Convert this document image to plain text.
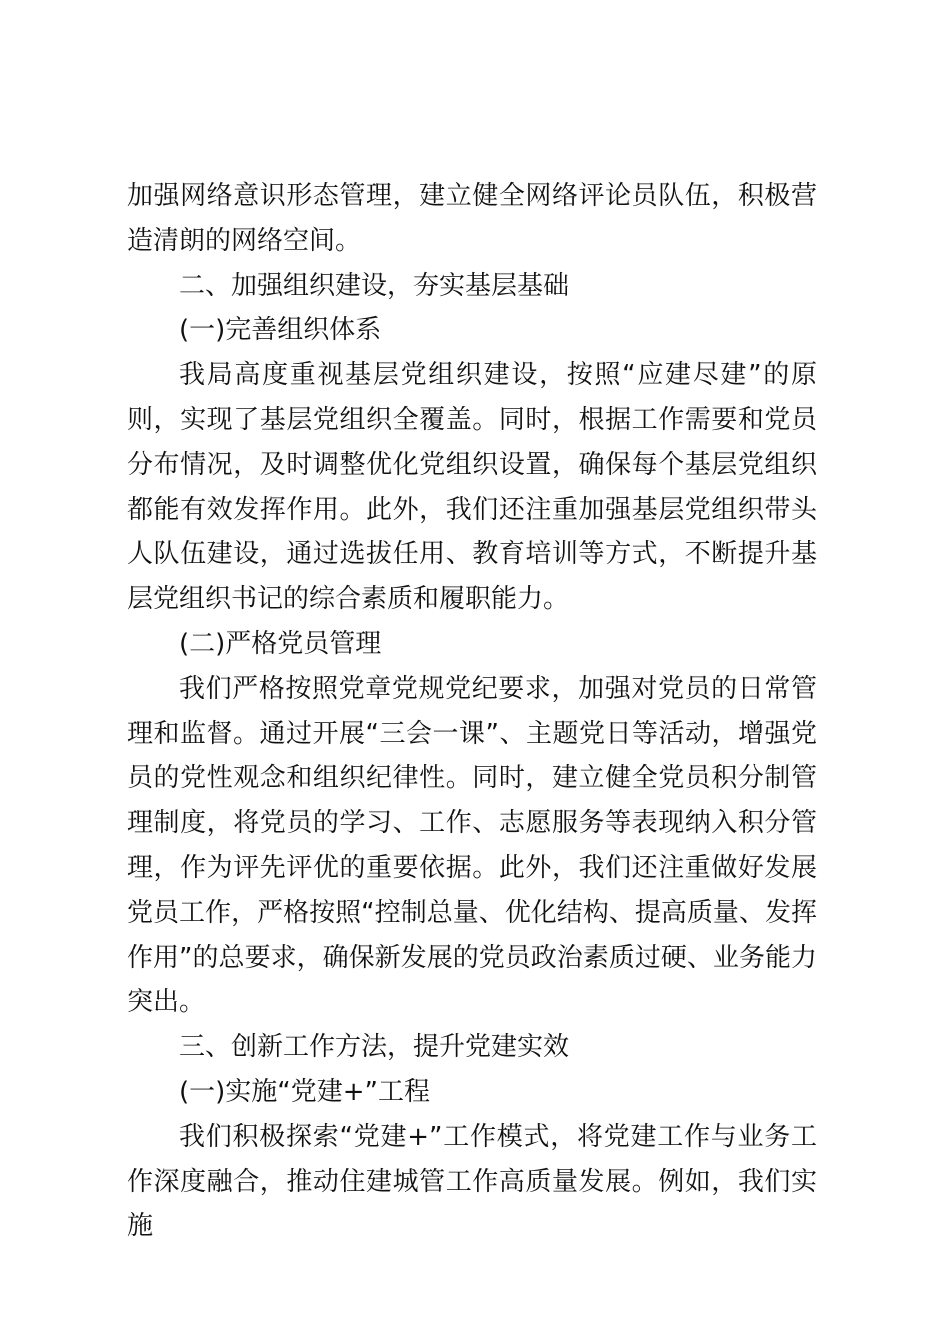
加强网络意识形态管理，建立健全网络评论员队伍，积极营造清朗的网络空间。

二、加强组织建设，夯实基层基础

(一)完善组织体系

我局高度重视基层党组织建设，按照“应建尽建”的原则，实现了基层党组织全覆盖。同时，根据工作需要和党员分布情况，及时调整优化党组织设置，确保每个基层党组织都能有效发挥作用。此外，我们还注重加强基层党组织带头人队伍建设，通过选拔任用、教育培训等方式，不断提升基层党组织书记的综合素质和履职能力。

(二)严格党员管理

我们严格按照党章党规党纪要求，加强对党员的日常管理和监督。通过开展“三会一课”、主题党日等活动，增强党员的党性观念和组织纪律性。同时，建立健全党员积分制管理制度，将党员的学习、工作、志愿服务等表现纳入积分管理，作为评先评优的重要依据。此外，我们还注重做好发展党员工作，严格按照“控制总量、优化结构、提高质量、发挥作用”的总要求，确保新发展的党员政治素质过硬、业务能力突出。

三、创新工作方法，提升党建实效

(一)实施“党建+”工程

我们积极探索“党建+”工作模式，将党建工作与业务工作深度融合，推动住建城管工作高质量发展。例如，我们实施
